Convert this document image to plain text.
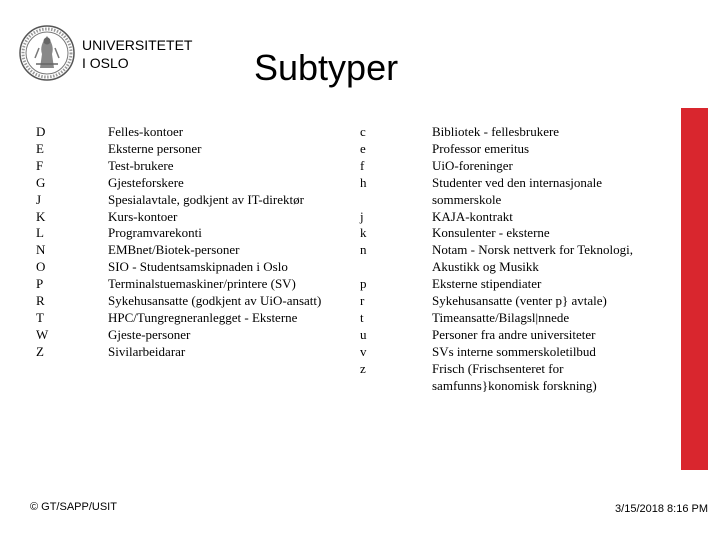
UNIVERSITETET
I OSLO	Subtyper
D
E
F
G
J
K
L
N
O
P
R
T
W
Z
Felles-kontoer
Eksterne personer
Test-brukere
Gjesteforskere
Spesialavtale, godkjent av IT-direktør
Kurs-kontoer
Programvarekonti
EMBnet/Biotek-personer
SIO - Studentsamskipnaden i Oslo
Terminalstuemaskiner/printere (SV)
Sykehusansatte (godkjent av UiO-ansatt)
HPC/Tungregneranlegget - Eksterne
Gjeste-personer
Sivilarbeidarar
c
e
f
h
j
k
n
p
r
t
u
v
z
Bibliotek - fellesbrukere
Professor emeritus
UiO-foreninger
Studenter ved den internasjonale
sommerskole
KAJA-kontrakt
Konsulenter - eksterne
Notam - Norsk nettverk for Teknologi,
Akustikk og Musikk
Eksterne stipendiater
Sykehusansatte (venter p} avtale)
Timeansatte/Bilagsl|nnede
Personer fra andre universiteter
SVs interne sommerskoletilbud
Frisch (Frischsenteret for
samfunns}konomisk forskning)
© GT/SAPP/USIT	3/15/2018 8:16 PM
